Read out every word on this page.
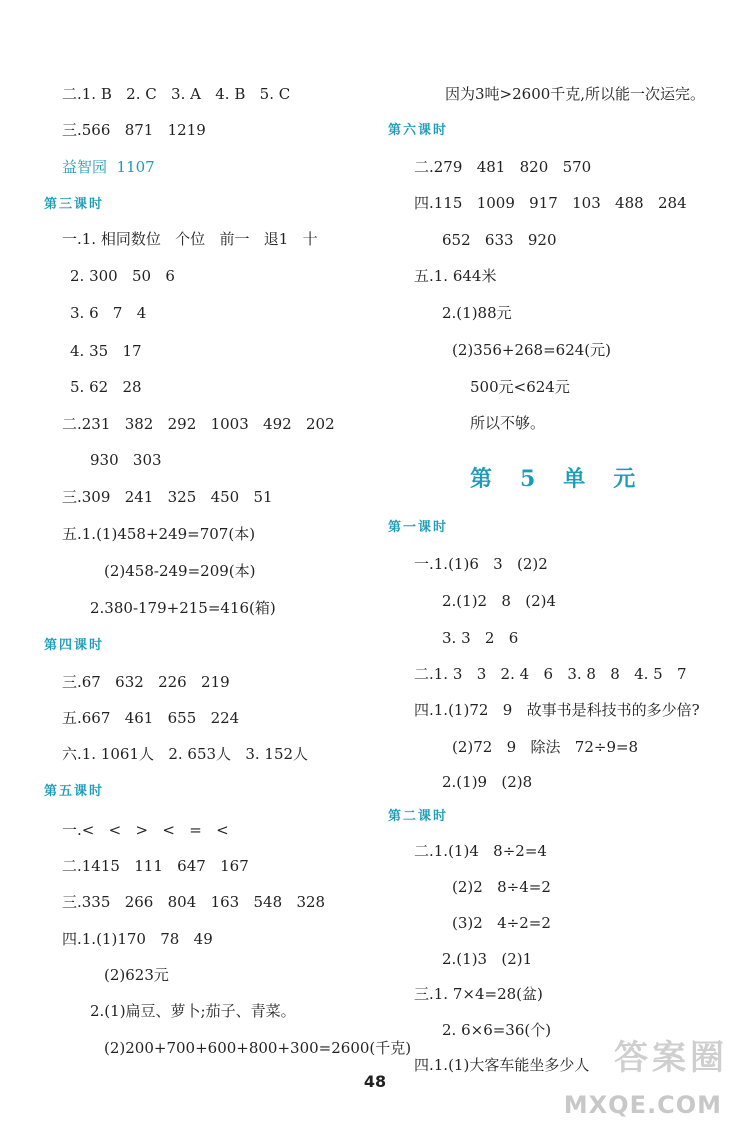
二.1. B   2. C   3. A   4. B   5. C
三.566   871   1219
益智园  1107
第三课时
一.1. 相同数位   个位   前一   退1   十
2. 300   50   6
3. 6   7   4
4. 35   17
5. 62   28
二.231   382   292   1003   492   202
930   303
三.309   241   325   450   51
五.1.(1)458+249=707(本)
(2)458-249=209(本)
2.380-179+215=416(箱)
第四课时
三.67   632   226   219
五.667   461   655   224
六.1. 1061人   2. 653人   3. 152人
第五课时
一.<   <   >   <   =   <
二.1415   111   647   167
三.335   266   804   163   548   328
四.1.(1)170   78   49
(2)623元
2.(1)扁豆、萝卜;茄子、青菜。
(2)200+700+600+800+300=2600(千克)
因为3吨>2600千克,所以能一次运完。
第六课时
二.279   481   820   570
四.115   1009   917   103   488   284
652   633   920
五.1. 644米
2.(1)88元
(2)356+268=624(元)
500元<624元
所以不够。
第一课时
一.1.(1)6   3   (2)2
2.(1)2   8   (2)4
3. 3   2   6
二.1. 3   3   2. 4   6   3. 8   8   4. 5   7
四.1.(1)72   9   故事书是科技书的多少倍?
(2)72   9   除法   72÷9=8
2.(1)9   (2)8
第二课时
二.1.(1)4   8÷2=4
(2)2   8÷4=2
(3)2   4÷2=2
2.(1)3   (2)1
三.1. 7×4=28(盆)
2. 6×6=36(个)
四.1.(1)大客车能坐多少人
第5单元
48
答案圈
MXQE.COM
